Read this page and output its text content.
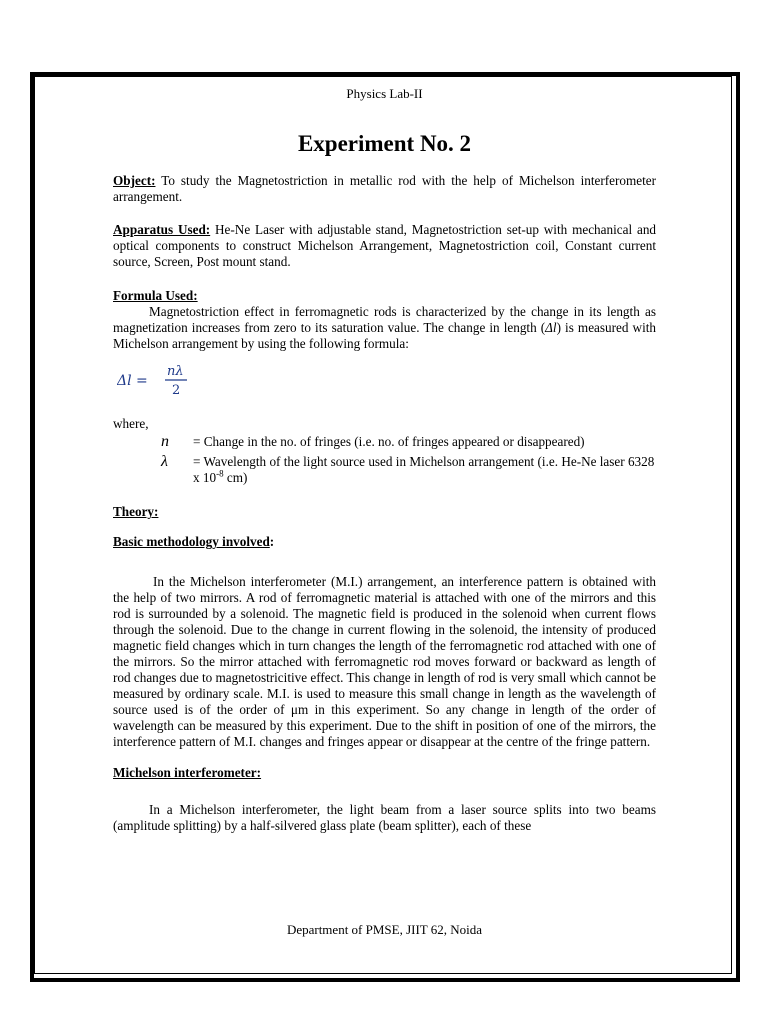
Physics Lab-II

Experiment No. 2

Object: To study the Magnetostriction in metallic rod with the help of Michelson interferometer arrangement.

Apparatus Used: He-Ne Laser with adjustable stand, Magnetostriction set-up with mechanical and optical components to construct Michelson Arrangement, Magnetostriction coil, Constant current source, Screen, Post mount stand.

Formula Used:

Magnetostriction effect in ferromagnetic rods is characterized by the change in its length as magnetization increases from zero to its saturation value. The change in length (Δl) is measured with Michelson arrangement by using the following formula:

Δl =
nλ
2

where,

n = Change in the no. of fringes (i.e. no. of fringes appeared or disappeared)
λ = Wavelength of the light source used in Michelson arrangement (i.e. He-Ne laser 6328 x $10^{-8}$ cm)

Theory:

Basic methodology involved:

In the Michelson interferometer (M.I.) arrangement, an interference pattern is obtained with the help of two mirrors. A rod of ferromagnetic material is attached with one of the mirrors and this rod is surrounded by a solenoid. The magnetic field is produced in the solenoid when current flows through the solenoid. Due to the change in current flowing in the solenoid, the intensity of produced magnetic field changes which in turn changes the length of the ferromagnetic rod attached with one of the mirrors. So the mirror attached with ferromagnetic rod moves forward or backward as length of rod changes due to magnetostricitive effect. This change in length of rod is very small which cannot be measured by ordinary scale. M.I. is used to measure this small change in length as the wavelength of source used is of the order of μm in this experiment. So any change in length of the order of wavelength can be measured by this experiment. Due to the shift in position of one of the mirrors, the interference pattern of M.I. changes and fringes appear or disappear at the centre of the fringe pattern.

Michelson interferometer:

In a Michelson interferometer, the light beam from a laser source splits into two beams (amplitude splitting) by a half-silvered glass plate (beam splitter), each of these

Department of PMSE, JIIT 62, Noida
